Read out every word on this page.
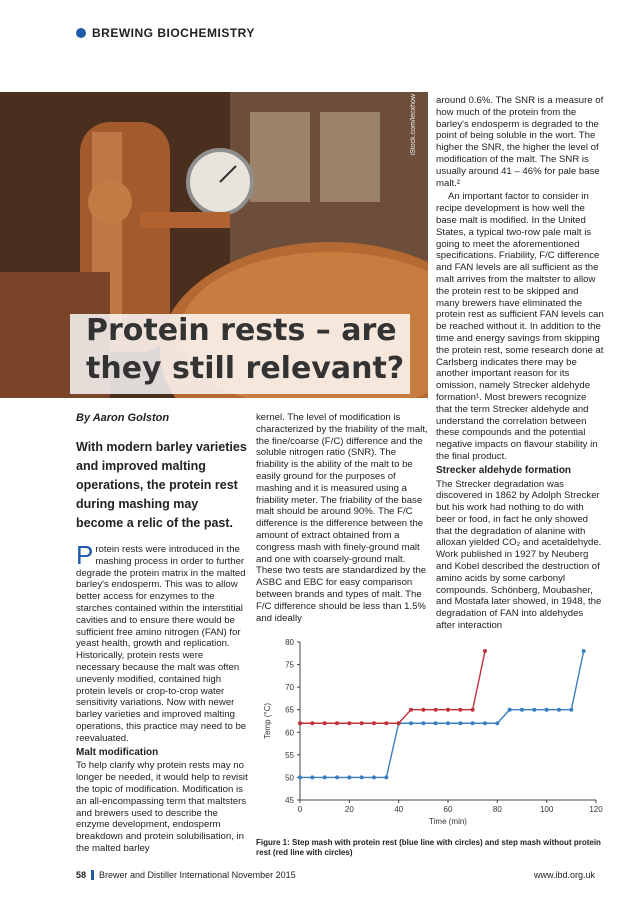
BREWING BIOCHEMISTRY
iStock.com/lecxhow
Protein rests – are they still relevant?
By Aaron Golston
With modern barley varieties and improved malting operations, the protein rest during mashing may become a relic of the past.

Protein rests were introduced in the mashing process in order to further degrade the protein matrix in the malted barley's endosperm. This was to allow better access for enzymes to the starches contained within the interstitial cavities and to ensure there would be sufficient free amino nitrogen (FAN) for yeast health, growth and replication. Historically, protein rests were necessary because the malt was often unevenly modified, contained high protein levels or crop-to-crop water sensitivity variations. Now with newer barley varieties and improved malting operations, this practice may need to be reevaluated.

Malt modification

To help clarify why protein rests may no longer be needed, it would help to revisit the topic of modification. Modification is an all-encompassing term that maltsters and brewers used to describe the enzyme development, endosperm breakdown and protein solubilisation, in the malted barley

kernel. The level of modification is characterized by the friability of the malt, the fine/coarse (F/C) difference and the soluble nitrogen ratio (SNR). The friability is the ability of the malt to be easily ground for the purposes of mashing and it is measured using a friability meter. The friability of the base malt should be around 90%. The F/C difference is the difference between the amount of extract obtained from a congress mash with finely-ground malt and one with coarsely-ground malt. These two tests are standardized by the ASBC and EBC for easy comparison between brands and types of malt. The F/C difference should be less than 1.5% and ideally

around 0.6%. The SNR is a measure of how much of the protein from the barley's endosperm is degraded to the point of being soluble in the wort. The higher the SNR, the higher the level of modification of the malt. The SNR is usually around 41 – 46% for pale base malt.²

An important factor to consider in recipe development is how well the base malt is modified. In the United States, a typical two-row pale malt is going to meet the aforementioned specifications. Friability, F/C difference and FAN levels are all sufficient as the malt arrives from the maltster to allow the protein rest to be skipped and many brewers have eliminated the protein rest as sufficient FAN levels can be reached without it. In addition to the time and energy savings from skipping the protein rest, some research done at Carlsberg indicates there may be another important reason for its omission, namely Strecker aldehyde formation¹. Most brewers recognize that the term Strecker aldehyde and understand the correlation between these compounds and the potential negative impacts on flavour stability in the final product.

Strecker aldehyde formation

The Strecker degradation was discovered in 1862 by Adolph Strecker but his work had nothing to do with beer or food, in fact he only showed that the degradation of alanine with alloxan yielded CO₂ and acetaldehyde. Work published in 1927 by Neuberg and Kobel described the destruction of amino acids by some carbonyl compounds. Schönberg, Moubasher, and Mostafa later showed, in 1948, the degradation of FAN into aldehydes after interaction

45
50
55
60
65
70
75
80
0	20	40	60	80	100	120
Time (min)
Temp (°C)
Figure 1: Step mash with protein rest (blue line with circles) and step mash without protein rest (red line with circles)
58 Brewer and Distiller International November 2015	www.ibd.org.uk
